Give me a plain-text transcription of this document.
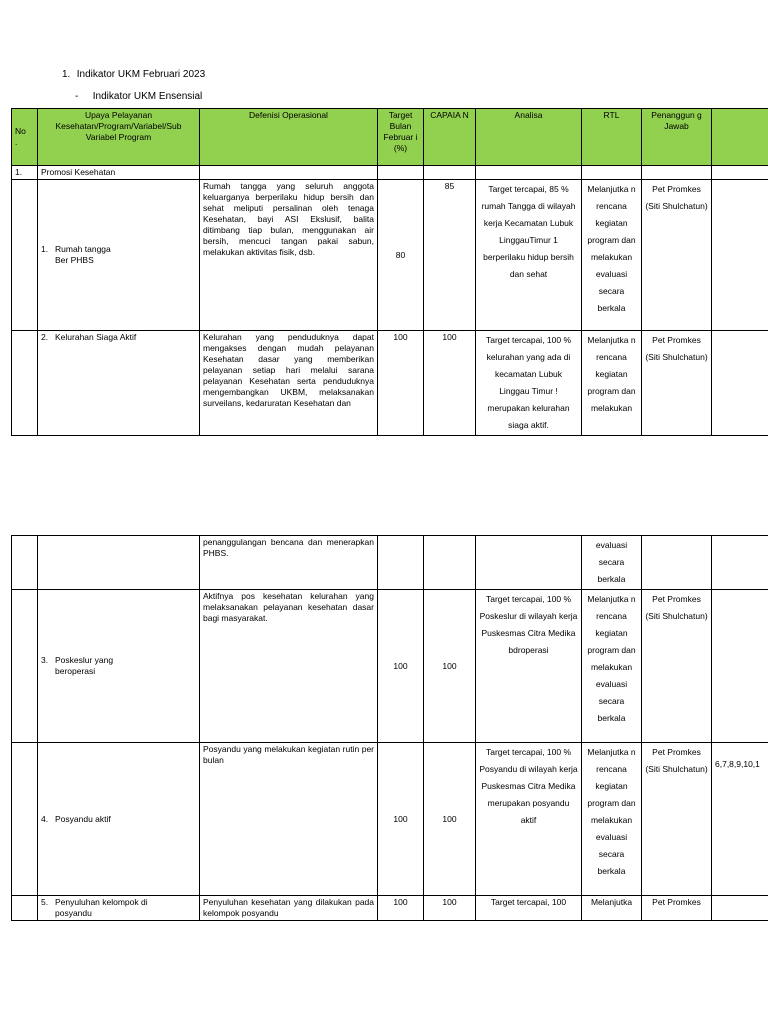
1. Indikator UKM Februari 2023
- Indikator UKM Ensensial
No
.	Upaya Pelayanan Kesehatan/Program/Variabel/Sub Variabel Program	Defenisi Operasional	Target Bulan Februar i (%)	CAPAIA N	Analisa	RTL	Penanggun g Jawab	
1.	Promosi Kesehatan							
	1. Rumah tangga
Ber PHBS	Rumah tangga yang seluruh anggota keluarganya berperilaku hidup bersih dan sehat meliputi persalinan oleh tenaga Kesehatan, bayi ASI Ekslusif, balita ditimbang tiap bulan, menggunakan air bersih, mencuci tangan pakai sabun, melakukan aktivitas fisik, dsb.	80	85	Target tercapai, 85 % rumah Tangga di wilayah kerja Kecamatan Lubuk LinggauTimur 1 berperilaku hidup bersih dan sehat	Melanjutka n rencana kegiatan program dan melakukan evaluasi secara berkala	Pet Promkes (Siti Shulchatun)	
	2. Kelurahan Siaga Aktif	Kelurahan yang penduduknya dapat mengakses dengan mudah pelayanan Kesehatan dasar yang memberikan pelayanan setiap hari melalui sarana pelayanan Kesehatan serta penduduknya mengembangkan UKBM, melaksanakan surveilans, kedaruratan Kesehatan dan	100	100	Target tercapai, 100 % kelurahan yang ada di kecamatan Lubuk Linggau Timur ! merupakan kelurahan siaga aktif.	Melanjutka n rencana kegiatan program dan melakukan	Pet Promkes (Siti Shulchatun)	
		penanggulangan bencana dan menerapkan PHBS.				evaluasi secara berkala		
	3. Poskeslur yang
beroperasi	Aktifnya pos kesehatan kelurahan yang melaksanakan pelayanan kesehatan dasar bagi masyarakat.	100	100	Target tercapai, 100 % Poskeslur di wilayah kerja Puskesmas Citra Medika bdroperasi	Melanjutka n rencana kegiatan program dan melakukan evaluasi secara berkala	Pet Promkes (Siti Shulchatun)	
	4. Posyandu aktif	Posyandu yang melakukan kegiatan rutin per bulan	100	100	Target tercapai, 100 % Posyandu di wilayah kerja Puskesmas Citra Medika merupakan posyandu aktif	Melanjutka n rencana kegiatan program dan melakukan evaluasi secara berkala	Pet Promkes (Siti Shulchatun)	6,7,8,9,10,1
	5. Penyuluhan kelompok di
posyandu	Penyuluhan kesehatan yang dilakukan pada kelompok posyandu	100	100	Target tercapai, 100	Melanjutka	Pet Promkes	
